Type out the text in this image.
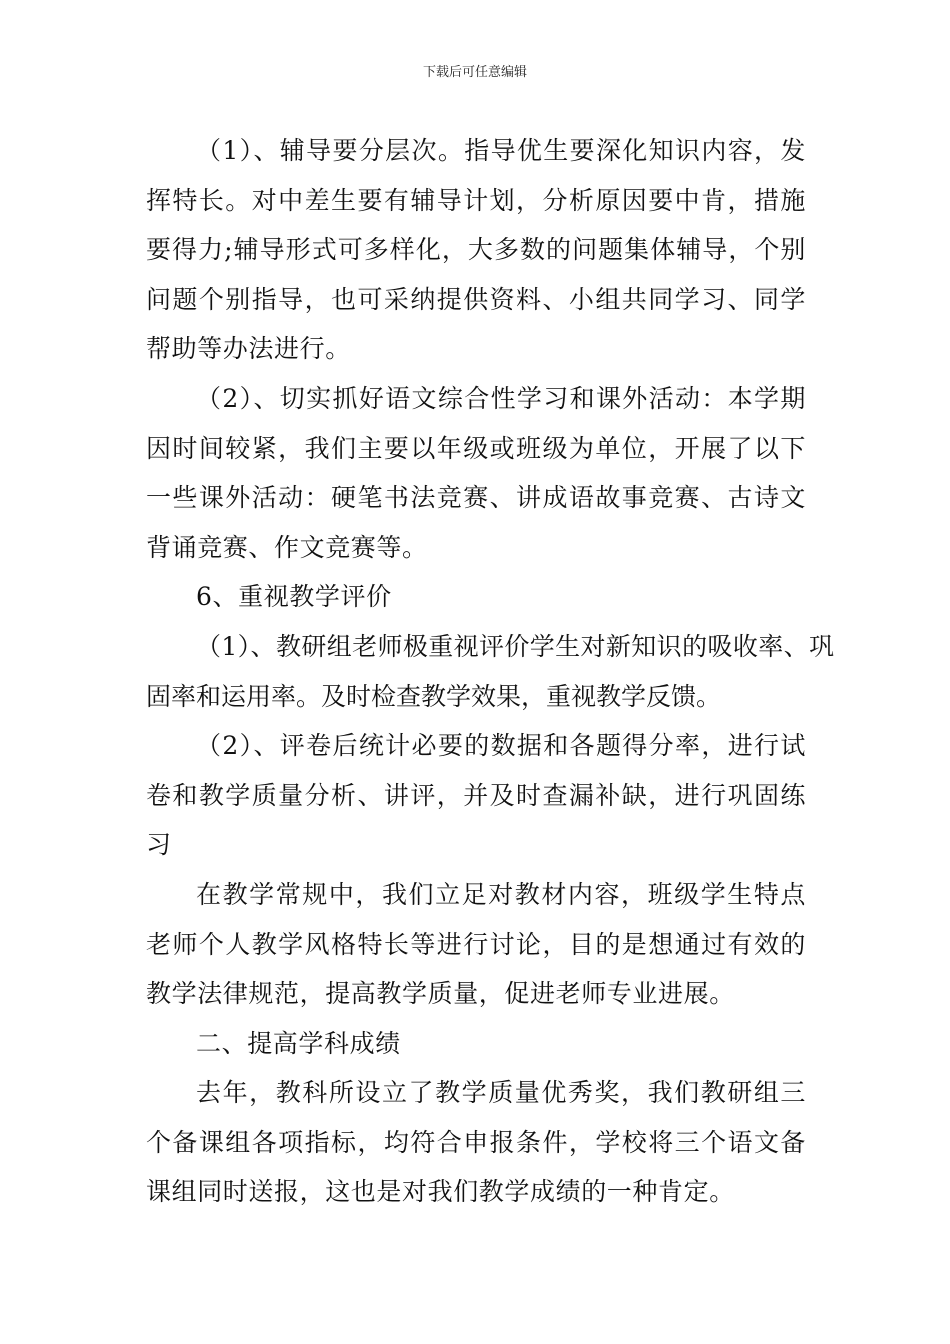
下载后可任意编辑

（1）、辅导要分层次。指导优生要深化知识内容，发挥特长。对中差生要有辅导计划，分析原因要中肯，措施要得力;辅导形式可多样化，大多数的问题集体辅导，个别问题个别指导，也可采纳提供资料、小组共同学习、同学帮助等办法进行。

（2）、切实抓好语文综合性学习和课外活动：本学期因时间较紧，我们主要以年级或班级为单位，开展了以下一些课外活动：硬笔书法竞赛、讲成语故事竞赛、古诗文背诵竞赛、作文竞赛等。

6、重视教学评价

（1）、教研组老师极重视评价学生对新知识的吸收率、巩固率和运用率。及时检查教学效果，重视教学反馈。

（2）、评卷后统计必要的数据和各题得分率，进行试卷和教学质量分析、讲评，并及时查漏补缺，进行巩固练习

在教学常规中，我们立足对教材内容，班级学生特点老师个人教学风格特长等进行讨论，目的是想通过有效的教学法律规范，提高教学质量，促进老师专业进展。

二、提高学科成绩

去年，教科所设立了教学质量优秀奖，我们教研组三个备课组各项指标，均符合申报条件，学校将三个语文备课组同时送报，这也是对我们教学成绩的一种肯定。
